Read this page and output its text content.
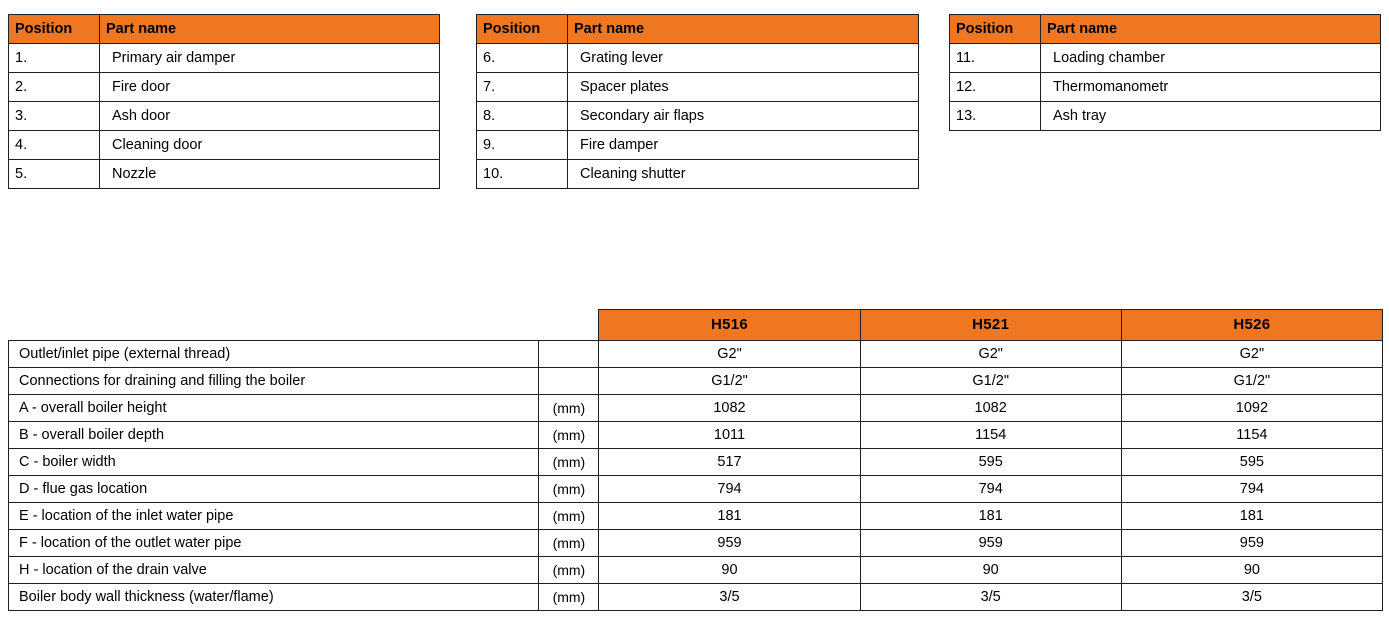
Position	Part name
1.	Primary air damper
2.	Fire door
3.	Ash door
4.	Cleaning door
5.	Nozzle
Position	Part name
6.	Grating lever
7.	Spacer plates
8.	Secondary air flaps
9.	Fire damper
10.	Cleaning shutter
Position	Part name
11.	Loading chamber
12.	Thermomanometr
13.	Ash tray
		H516	H521	H526
Outlet/inlet pipe (external thread)		G2"	G2"	G2"
Connections for draining and filling the boiler		G1/2"	G1/2"	G1/2"
A - overall boiler height	(mm)	1082	1082	1092
B - overall boiler depth	(mm)	1011	1154	1154
C - boiler width	(mm)	517	595	595
D - flue gas location	(mm)	794	794	794
E - location of the inlet water pipe	(mm)	181	181	181
F - location of the outlet water pipe	(mm)	959	959	959
H - location of the drain valve	(mm)	90	90	90
Boiler body wall thickness (water/flame)	(mm)	3/5	3/5	3/5
